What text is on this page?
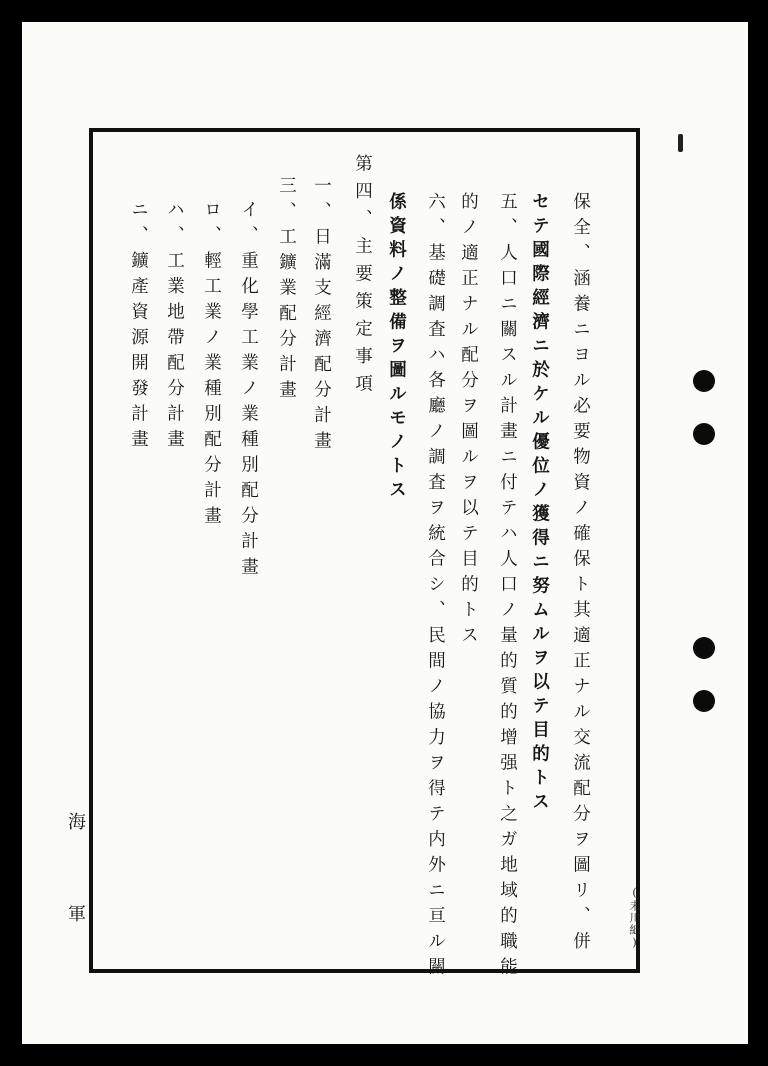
保全、涵養ニヨル必要物資ノ確保ト其適正ナル交流配分ヲ圖リ、併
セテ國際經濟ニ於ケル優位ノ獲得ニ努ムルヲ以テ目的トス
五、人口ニ關スル計畫ニ付テハ人口ノ量的質的增强ト之ガ地域的職能
的ノ適正ナル配分ヲ圖ルヲ以テ目的トス
六、基礎調査ハ各廳ノ調査ヲ統合シ、民間ノ協力ヲ得テ内外ニ亘ル關
係資料ノ整備ヲ圖ルモノトス
第四、主要策定事項
一、日滿支經濟配分計畫
三、工鑛業配分計畫
イ、重化學工業ノ業種別配分計畫
ロ、輕工業ノ業種別配分計畫
ハ、工業地帶配分計畫
ニ、鑛產資源開發計畫
海
軍	(未川紙)
